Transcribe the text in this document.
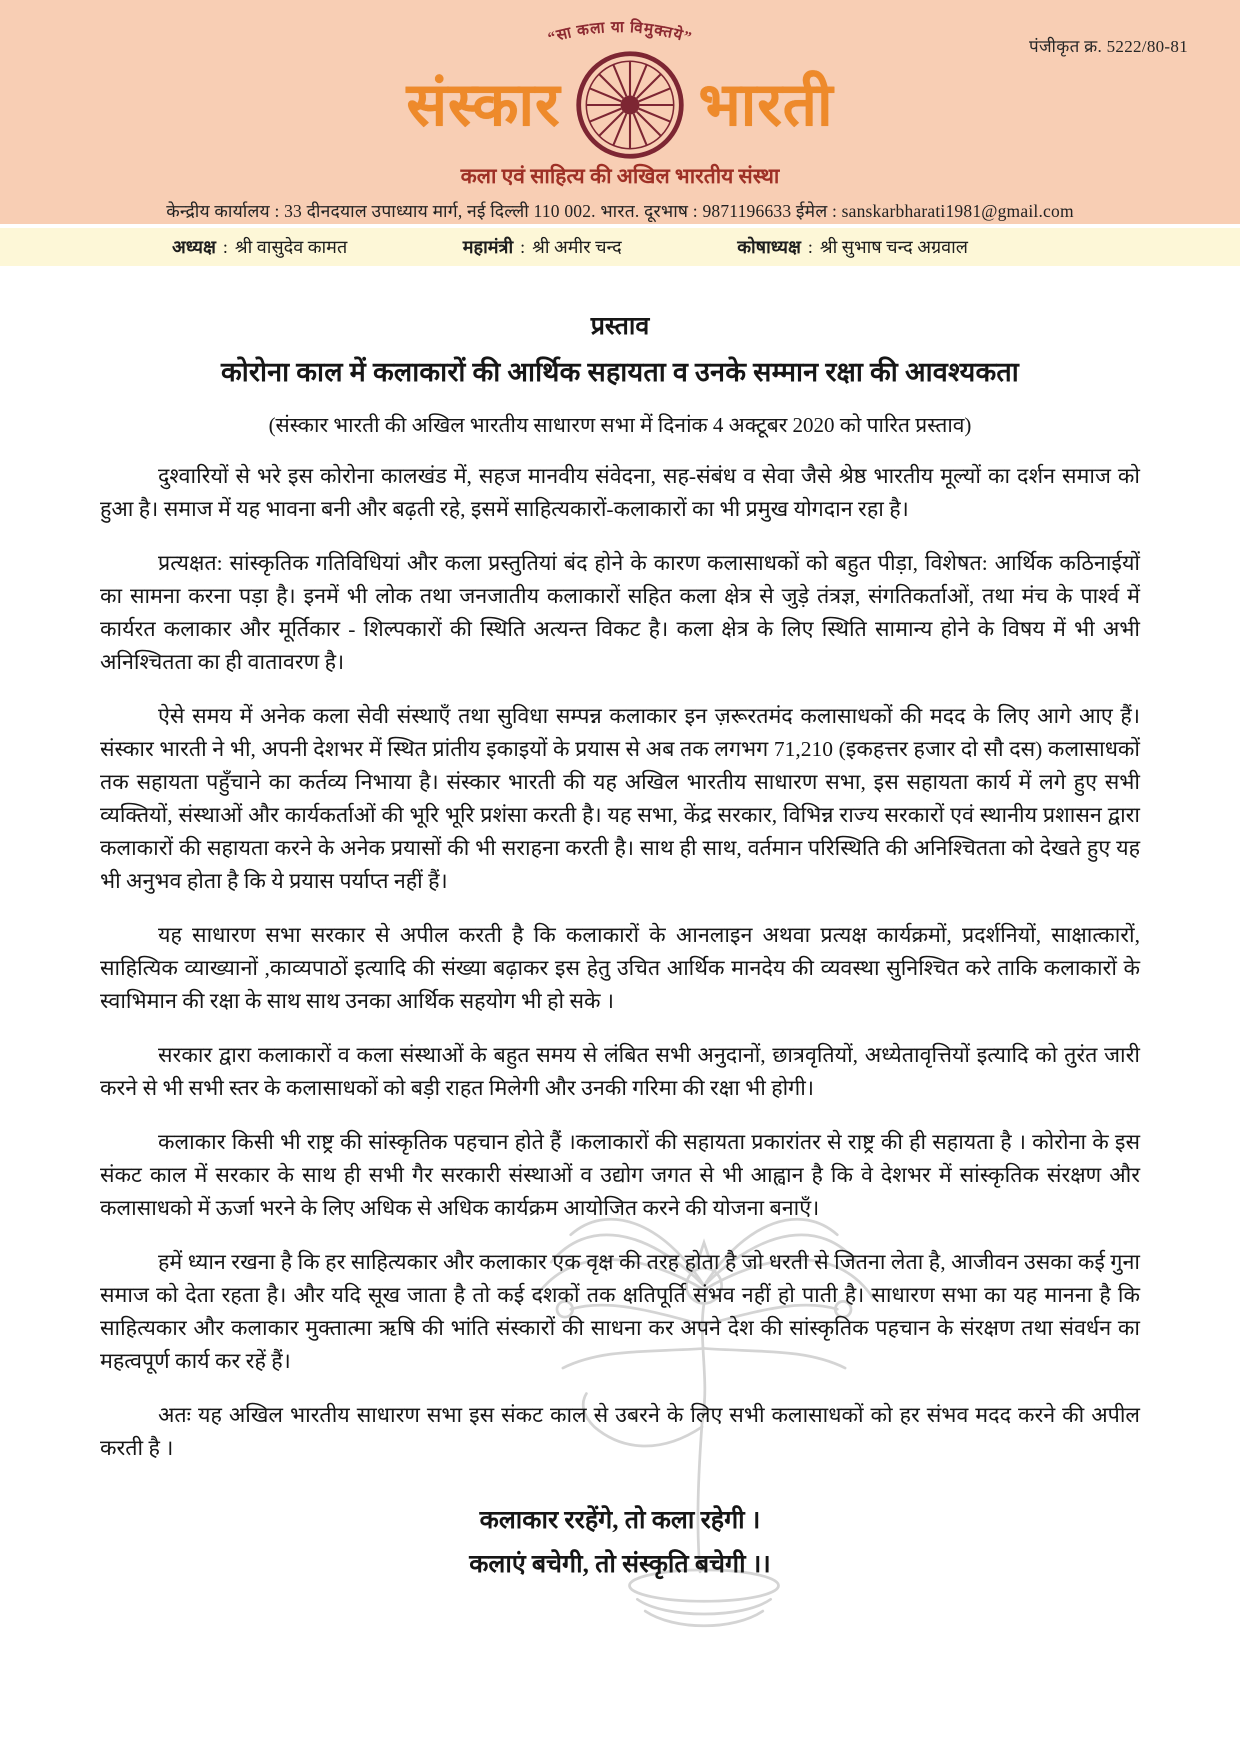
पंजीकृत क्र. 5222/80-81
“सा कला या विमुक्तये”
संस्कार भारती
कला एवं साहित्य की अखिल भारतीय संस्था
केन्द्रीय कार्यालय : 33 दीनदयाल उपाध्याय मार्ग, नई दिल्ली 110 002. भारत. दूरभाष : 9871196633 ईमेल : sanskarbharati1981@gmail.com
अध्यक्ष : श्री वासुदेव कामत	महामंत्री : श्री अमीर चन्द	कोषाध्यक्ष : श्री सुभाष चन्द अग्रवाल
प्रस्ताव
कोरोना काल में कलाकारों की आर्थिक सहायता व उनके सम्मान रक्षा की आवश्यकता
(संस्कार भारती की अखिल भारतीय साधारण सभा में दिनांक 4 अक्टूबर 2020 को पारित प्रस्ताव)

दुश्वारियों से भरे इस कोरोना कालखंड में, सहज मानवीय संवेदना, सह-संबंध व सेवा जैसे श्रेष्ठ भारतीय मूल्यों का दर्शन समाज को हुआ है। समाज में यह भावना बनी और बढ़ती रहे, इसमें साहित्यकारों-कलाकारों का भी प्रमुख योगदान रहा है।

प्रत्यक्षत: सांस्कृतिक गतिविधियां और कला प्रस्तुतियां बंद होने के कारण कलासाधकों को बहुत पीड़ा, विशेषत: आर्थिक कठिनाईयों का सामना करना पड़ा है। इनमें भी लोक तथा जनजातीय कलाकारों सहित कला क्षेत्र से जुड़े तंत्रज्ञ, संगतिकर्ताओं, तथा मंच के पार्श्व में कार्यरत कलाकार और मूर्तिकार - शिल्पकारों की स्थिति अत्यन्त विकट है। कला क्षेत्र के लिए स्थिति सामान्य होने के विषय में भी अभी अनिश्चितता का ही वातावरण है।

ऐसे समय में अनेक कला सेवी संस्थाएँ तथा सुविधा सम्पन्न कलाकार इन ज़रूरतमंद कलासाधकों की मदद के लिए आगे आए हैं। संस्कार भारती ने भी, अपनी देशभर में स्थित प्रांतीय इकाइयों के प्रयास से अब तक लगभग 71,210 (इकहत्तर हजार दो सौ दस) कलासाधकों तक सहायता पहुँचाने का कर्तव्य निभाया है। संस्कार भारती की यह अखिल भारतीय साधारण सभा, इस सहायता कार्य में लगे हुए सभी व्यक्तियों, संस्थाओं और कार्यकर्ताओं की भूरि भूरि प्रशंसा करती है। यह सभा, केंद्र सरकार, विभिन्न राज्य सरकारों एवं स्थानीय प्रशासन द्वारा कलाकारों की सहायता करने के अनेक प्रयासों की भी सराहना करती है। साथ ही साथ, वर्तमान परिस्थिति की अनिश्चितता को देखते हुए यह भी अनुभव होता है कि ये प्रयास पर्याप्त नहीं हैं।

यह साधारण सभा सरकार से अपील करती है कि कलाकारों के आनलाइन अथवा प्रत्यक्ष कार्यक्रमों, प्रदर्शनियों, साक्षात्कारों, साहित्यिक व्याख्यानों ,काव्यपाठों इत्यादि की संख्या बढ़ाकर इस हेतु उचित आर्थिक मानदेय की व्यवस्था सुनिश्चित करे ताकि कलाकारों के स्वाभिमान की रक्षा के साथ साथ उनका आर्थिक सहयोग भी हो सके ।

सरकार द्वारा कलाकारों व कला संस्थाओं के बहुत समय से लंबित सभी अनुदानों, छात्रवृतियों, अध्येतावृत्तियों इत्यादि को तुरंत जारी करने से भी सभी स्तर के कलासाधकों को बड़ी राहत मिलेगी और उनकी गरिमा की रक्षा भी होगी।

कलाकार किसी भी राष्ट्र की सांस्कृतिक पहचान होते हैं ।कलाकारों की सहायता प्रकारांतर से राष्ट्र की ही सहायता है । कोरोना के इस संकट काल में सरकार के साथ ही सभी गैर सरकारी संस्थाओं व उद्योग जगत से भी आह्वान है कि वे देशभर में सांस्कृतिक संरक्षण और कलासाधको में ऊर्जा भरने के लिए अधिक से अधिक कार्यक्रम आयोजित करने की योजना बनाएँ।

हमें ध्यान रखना है कि हर साहित्यकार और कलाकार एक वृक्ष की तरह होता है जो धरती से जितना लेता है, आजीवन उसका कई गुना समाज को देता रहता है। और यदि सूख जाता है तो कई दशकों तक क्षतिपूर्ति संभव नहीं हो पाती है। साधारण सभा का यह मानना है कि साहित्यकार और कलाकार मुक्तात्मा ऋषि की भांति संस्कारों की साधना कर अपने देश की सांस्कृतिक पहचान के संरक्षण तथा संवर्धन का महत्वपूर्ण कार्य कर रहें हैं।

अतः यह अखिल भारतीय साधारण सभा इस संकट काल से उबरने के लिए सभी कलासाधकों को हर संभव मदद करने की अपील करती है ।

कलाकार ररहेंगे, तो कला रहेगी ।
कलाएं बचेगी, तो संस्कृति बचेगी ।।
